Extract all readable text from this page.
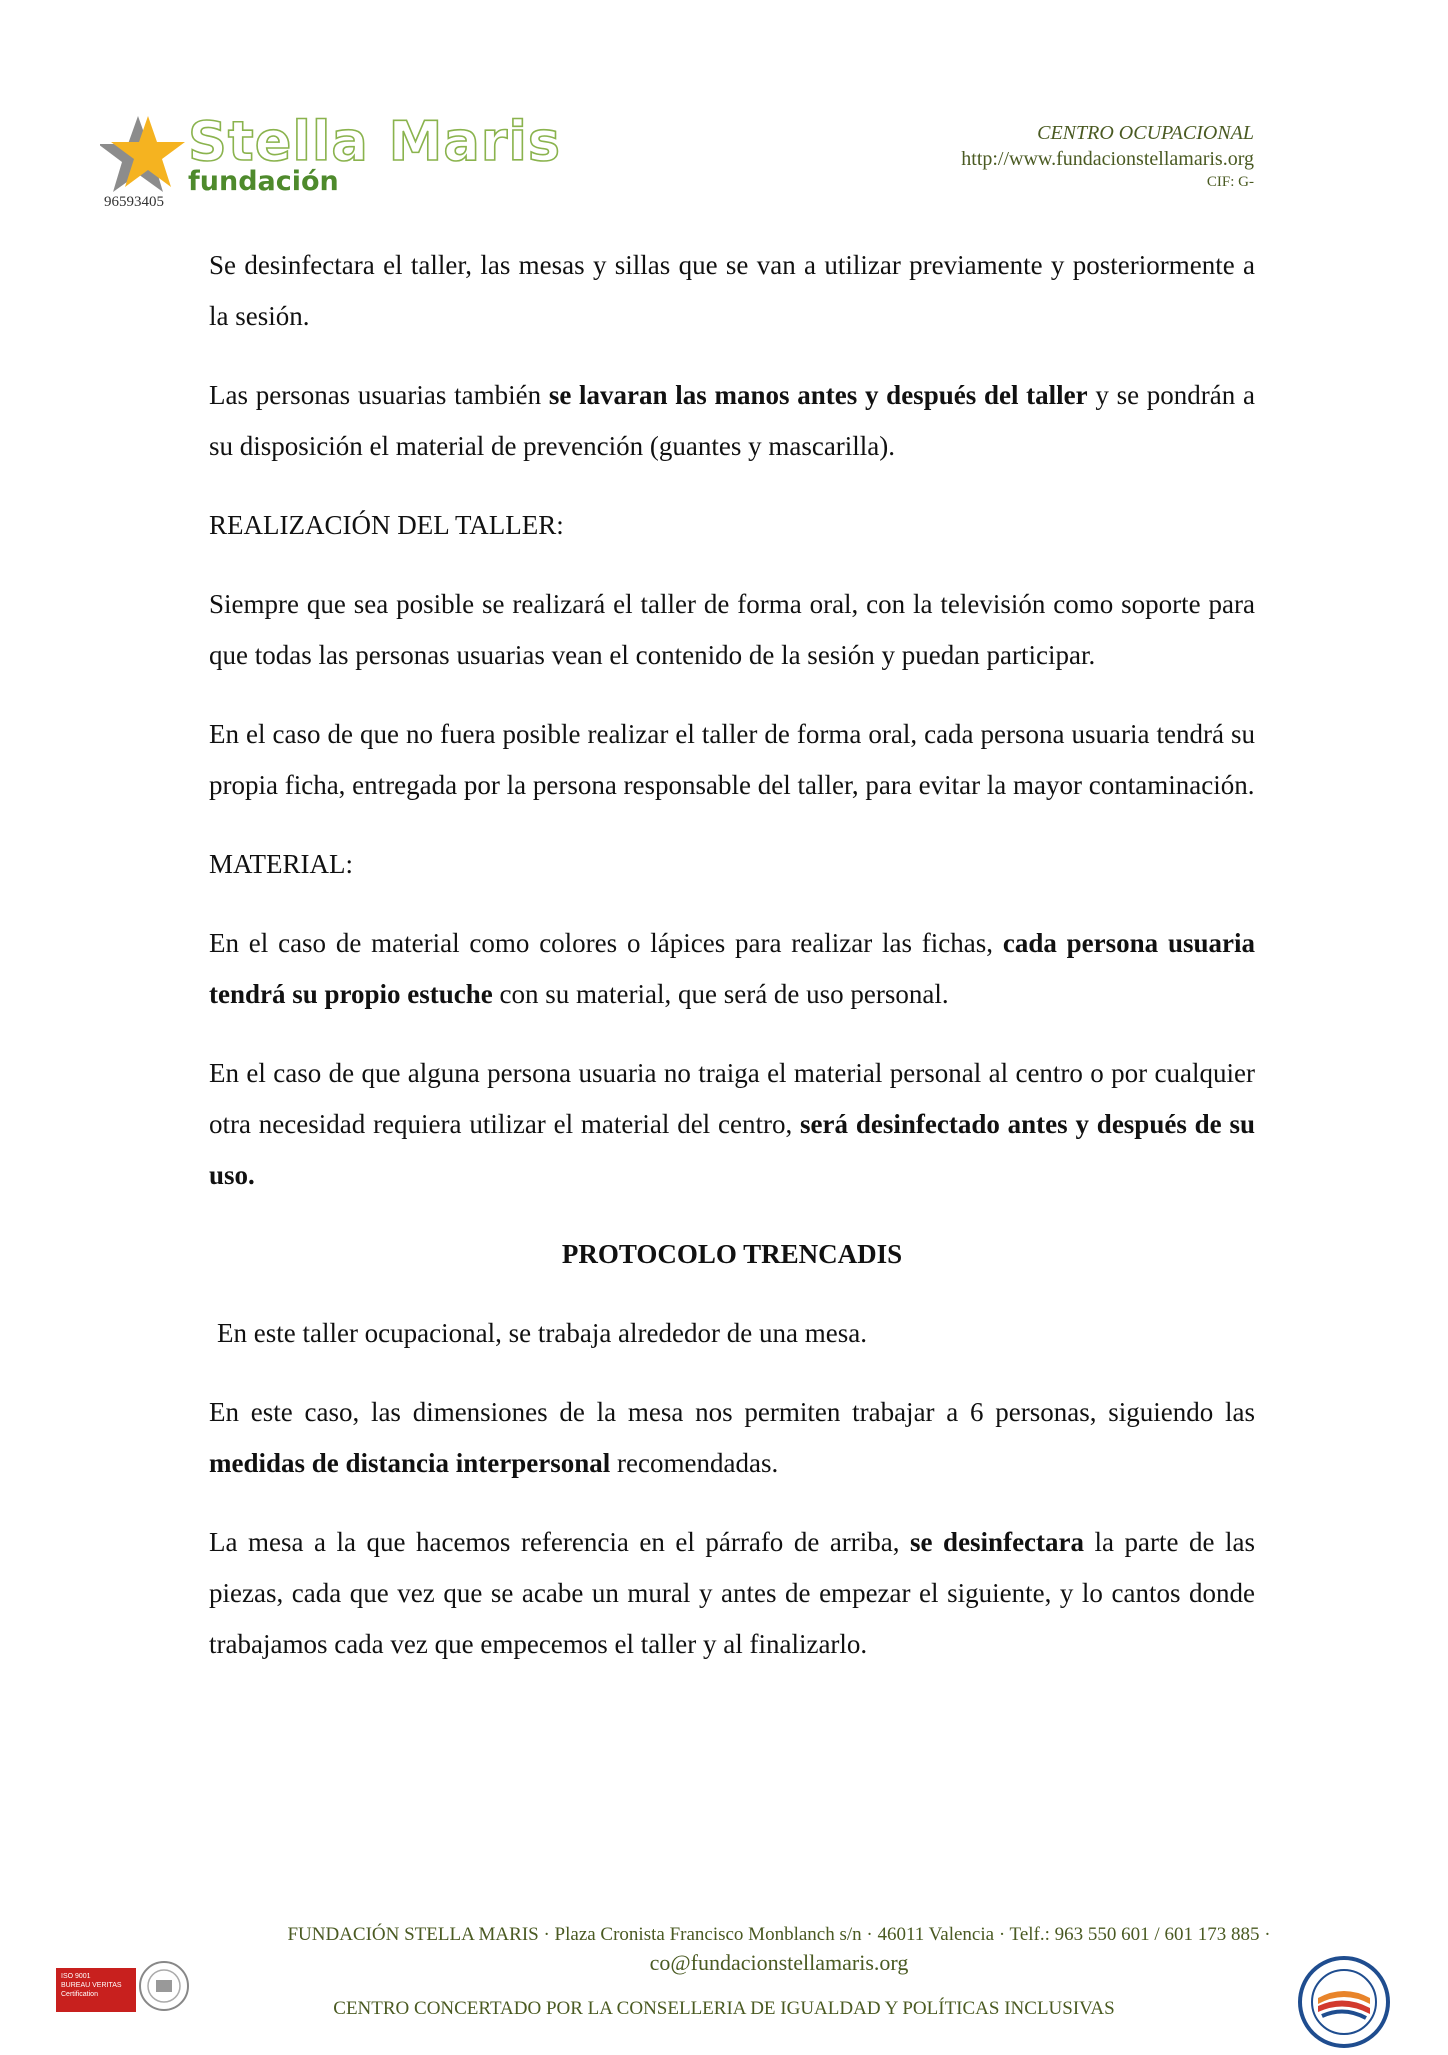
Stella Maris
fundación
96593405
CENTRO OCUPACIONAL
http://www.fundacionstellamaris.org
CIF: G-

Se desinfectara el taller, las mesas y sillas que se van a utilizar previamente y posteriormente a la sesión.

Las personas usuarias también se lavaran las manos antes y después del taller y se pondrán a su disposición el material de prevención (guantes y mascarilla).

REALIZACIÓN DEL TALLER:

Siempre que sea posible se realizará el taller de forma oral, con la televisión como soporte para que todas las personas usuarias vean el contenido de la sesión y puedan participar.

En el caso de que no fuera posible realizar el taller de forma oral, cada persona usuaria tendrá su propia ficha, entregada por la persona responsable del taller, para evitar la mayor contaminación.

MATERIAL:

En el caso de material como colores o lápices para realizar las fichas, cada persona usuaria tendrá su propio estuche con su material, que será de uso personal.

En el caso de que alguna persona usuaria no traiga el material personal al centro o por cualquier otra necesidad requiera utilizar el material del centro, será desinfectado antes y después de su uso.

PROTOCOLO TRENCADIS

En este taller ocupacional, se trabaja alrededor de una mesa.

En este caso, las dimensiones de la mesa nos permiten trabajar a 6 personas, siguiendo las medidas de distancia interpersonal recomendadas.

La mesa a la que hacemos referencia en el párrafo de arriba, se desinfectara la parte de las piezas, cada que vez que se acabe un mural y antes de empezar el siguiente, y lo cantos donde trabajamos cada vez que empecemos el taller y al finalizarlo.

ISO 9001
BUREAU VERITAS
Certification
FUNDACIÓN STELLA MARIS · Plaza Cronista Francisco Monblanch s/n · 46011 Valencia · Telf.: 963 550 601 / 601 173 885 ·
co@fundacionstellamaris.org
CENTRO CONCERTADO POR LA CONSELLERIA DE IGUALDAD Y POLÍTICAS INCLUSIVAS
